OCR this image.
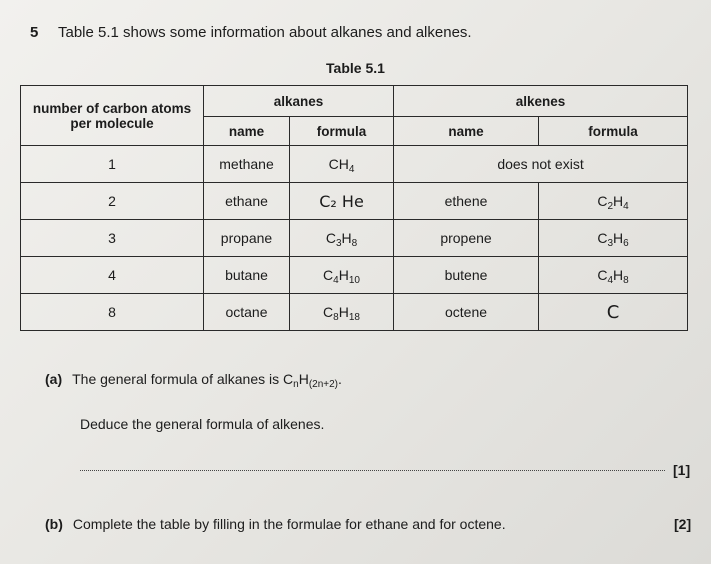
5 Table 5.1 shows some information about alkanes and alkenes.
Table 5.1
number of carbon atoms per molecule	alkanes		alkenes	
	name	formula	name	formula
1	methane	$CH_4$	does not exist	
2	ethane	C₂ He	ethene	$C_2H_4$
3	propane	$C_3H_8$	propene	$C_3H_6$
4	butane	$C_4H_{10}$	butene	$C_4H_8$
8	octane	$C_8H_{18}$	octene	C
(a) The general formula of alkanes is $C_nH_{(2n+2)}$.
Deduce the general formula of alkenes.
[1]
(b) Complete the table by filling in the formulae for ethane and for octene.	[2]
